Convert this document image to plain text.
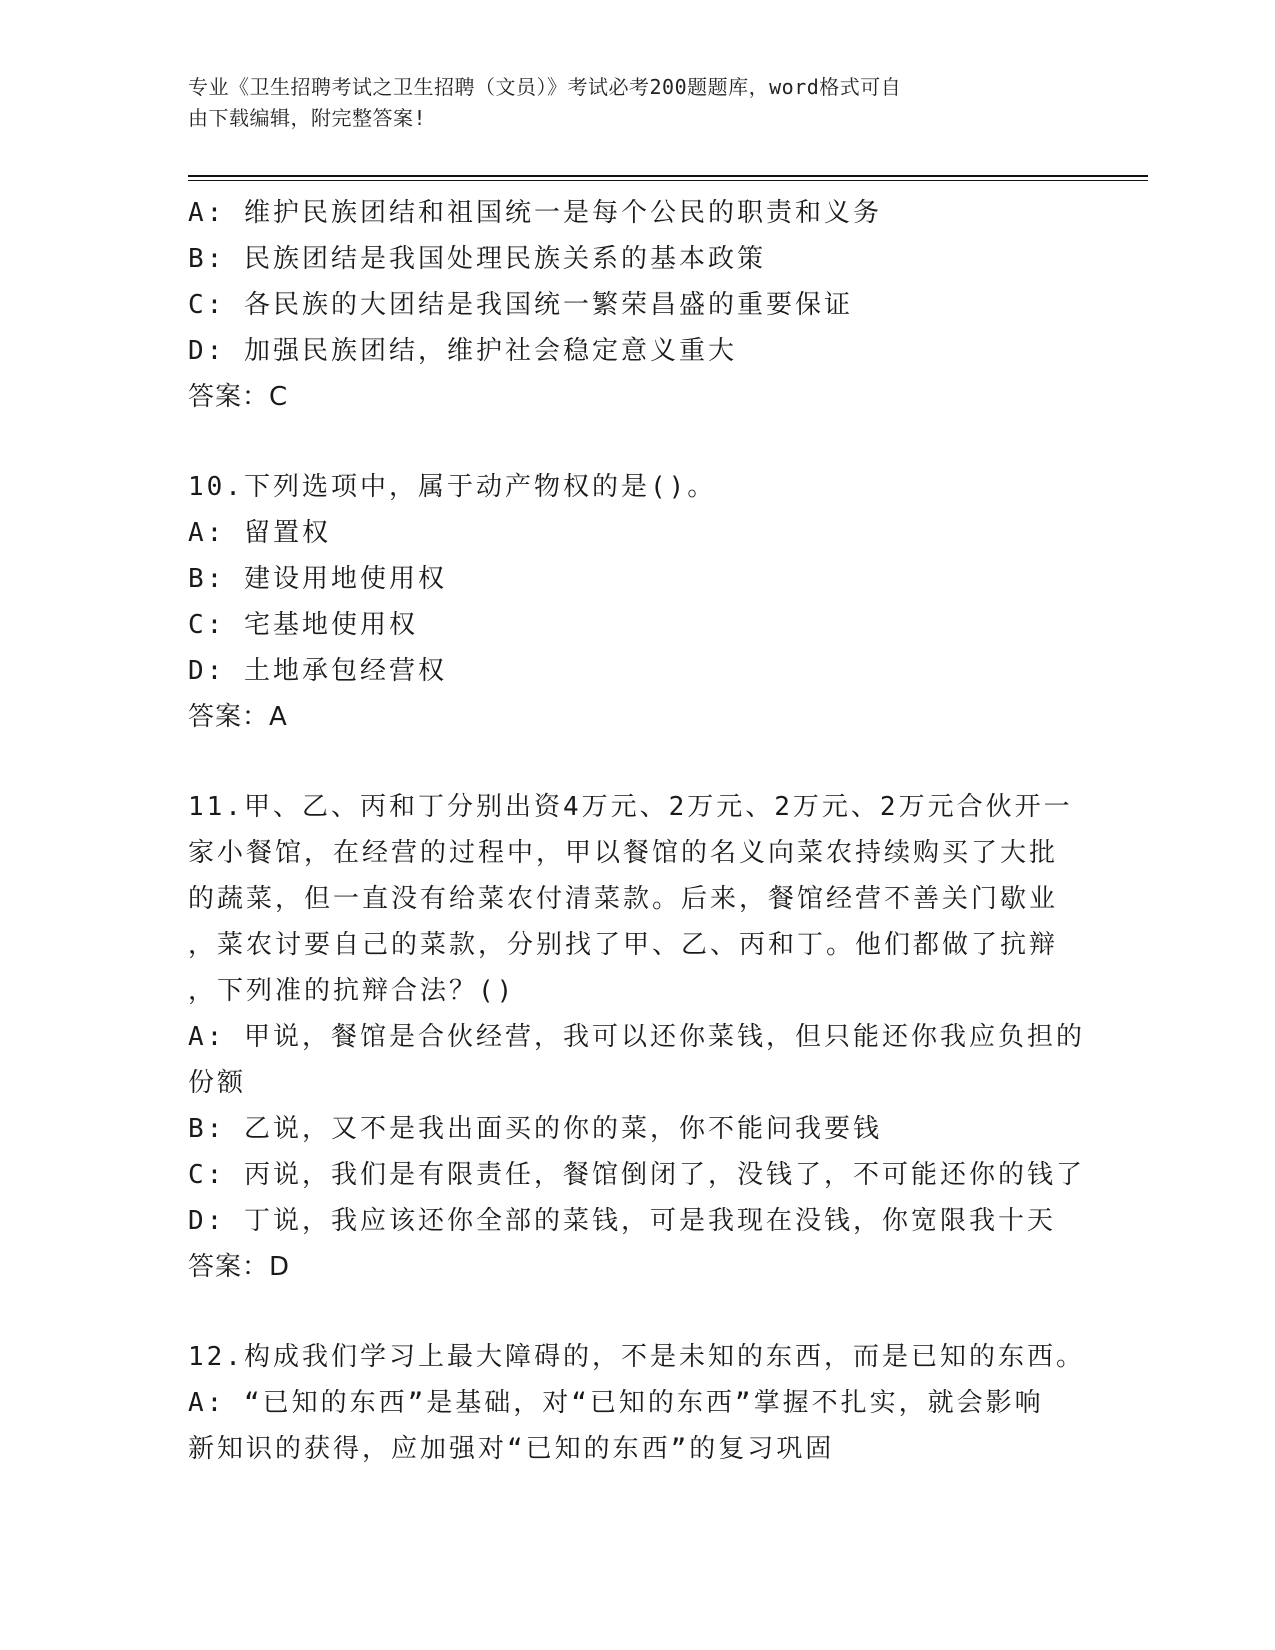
专业《卫生招聘考试之卫生招聘（文员）》考试必考200题题库，word格式可自
由下载编辑，附完整答案!
A: 维护民族团结和祖国统一是每个公民的职责和义务
B: 民族团结是我国处理民族关系的基本政策
C: 各民族的大团结是我国统一繁荣昌盛的重要保证
D: 加强民族团结，维护社会稳定意义重大
答案：C
10.下列选项中，属于动产物权的是()。
A: 留置权
B: 建设用地使用权
C: 宅基地使用权
D: 土地承包经营权
答案：A
11.甲、乙、丙和丁分别出资4万元、2万元、2万元、2万元合伙开一
家小餐馆，在经营的过程中，甲以餐馆的名义向菜农持续购买了大批
的蔬菜，但一直没有给菜农付清菜款。后来，餐馆经营不善关门歇业
，菜农讨要自己的菜款，分别找了甲、乙、丙和丁。他们都做了抗辩
，下列准的抗辩合法？()
A: 甲说，餐馆是合伙经营，我可以还你菜钱，但只能还你我应负担的
份额
B: 乙说，又不是我出面买的你的菜，你不能问我要钱
C: 丙说，我们是有限责任，餐馆倒闭了，没钱了，不可能还你的钱了
D: 丁说，我应该还你全部的菜钱，可是我现在没钱，你宽限我十天
答案：D
12.构成我们学习上最大障碍的，不是未知的东西，而是已知的东西。
A: “已知的东西”是基础，对“已知的东西”掌握不扎实，就会影响
新知识的获得，应加强对“已知的东西”的复习巩固
